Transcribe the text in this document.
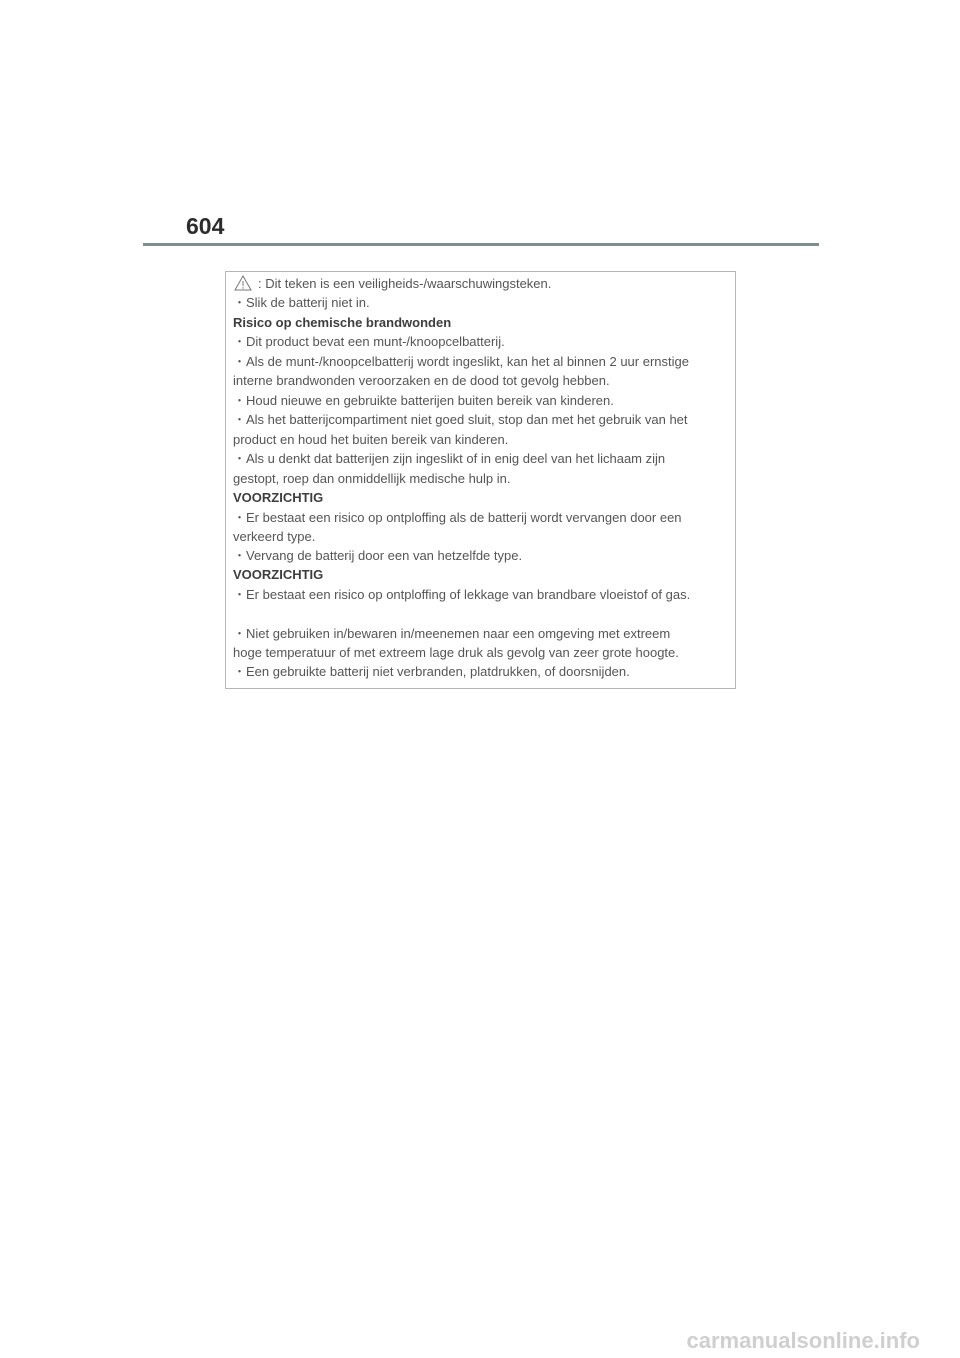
604
: Dit teken is een veiligheids-/waarschuwingsteken.
・Slik de batterij niet in.
Risico op chemische brandwonden
・Dit product bevat een munt-/knoopcelbatterij.
・Als de munt-/knoopcelbatterij wordt ingeslikt, kan het al binnen 2 uur ernstige
interne brandwonden veroorzaken en de dood tot gevolg hebben.
・Houd nieuwe en gebruikte batterijen buiten bereik van kinderen.
・Als het batterijcompartiment niet goed sluit, stop dan met het gebruik van het
product en houd het buiten bereik van kinderen.
・Als u denkt dat batterijen zijn ingeslikt of in enig deel van het lichaam zijn
gestopt, roep dan onmiddellijk medische hulp in.
VOORZICHTIG
・Er bestaat een risico op ontploffing als de batterij wordt vervangen door een
verkeerd type.
・Vervang de batterij door een van hetzelfde type.
VOORZICHTIG
・Er bestaat een risico op ontploffing of lekkage van brandbare vloeistof of gas.
・Niet gebruiken in/bewaren in/meenemen naar een omgeving met extreem
hoge temperatuur of met extreem lage druk als gevolg van zeer grote hoogte.
・Een gebruikte batterij niet verbranden, platdrukken, of doorsnijden.
carmanualsonline.info
